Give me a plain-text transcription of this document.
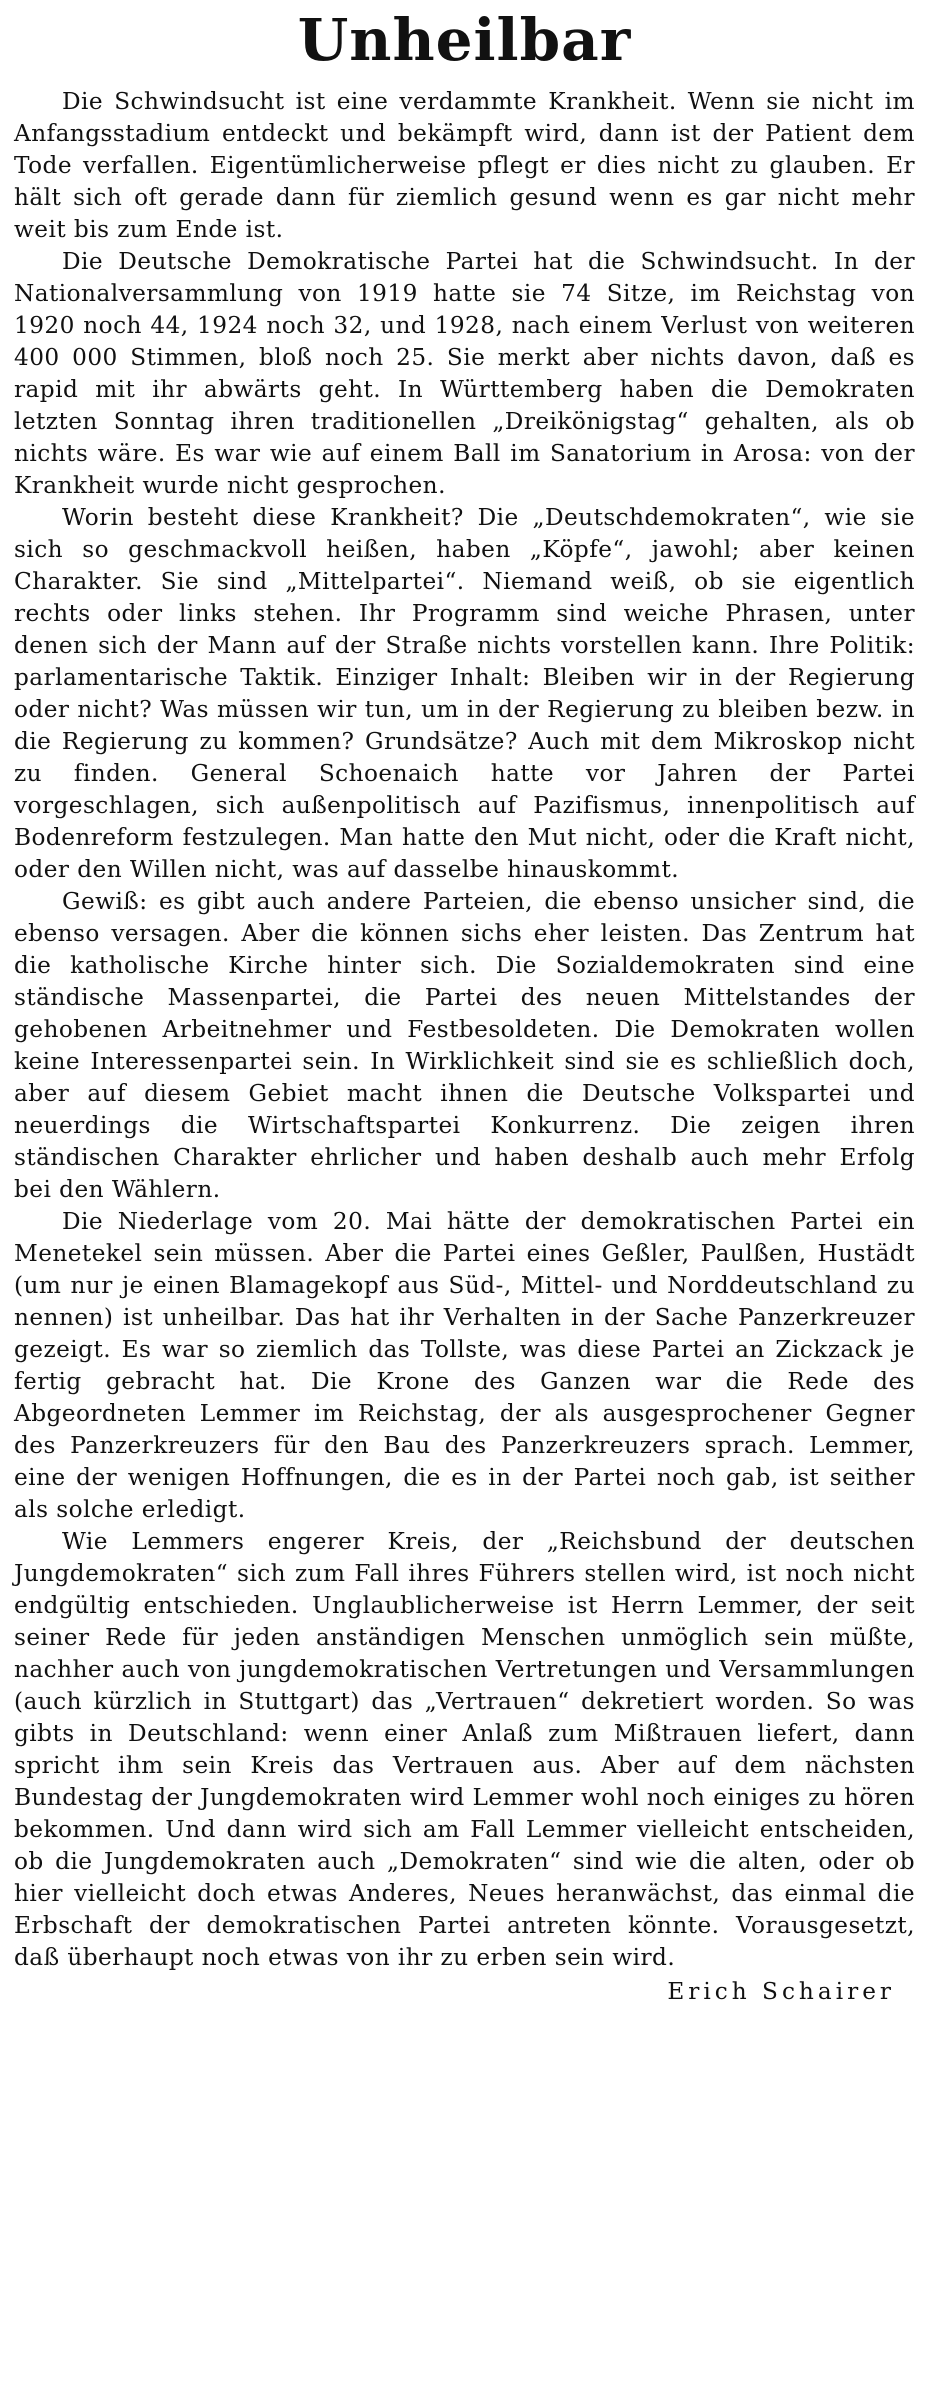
Unheilbar

Die Schwindsucht ist eine verdammte Krankheit. Wenn sie nicht im Anfangsstadium entdeckt und bekämpft wird, dann ist der Patient dem Tode verfallen. Eigentümlicherweise pflegt er dies nicht zu glauben. Er hält sich oft gerade dann für ziemlich gesund wenn es gar nicht mehr weit bis zum Ende ist.

Die Deutsche Demokratische Partei hat die Schwindsucht. In der Nationalversammlung von 1919 hatte sie 74 Sitze, im Reichstag von 1920 noch 44, 1924 noch 32, und 1928, nach einem Verlust von weiteren 400 000 Stimmen, bloß noch 25. Sie merkt aber nichts davon, daß es rapid mit ihr abwärts geht. In Württemberg haben die Demokraten letzten Sonntag ihren traditionellen „Dreikönigstag“ gehalten, als ob nichts wäre. Es war wie auf einem Ball im Sanatorium in Arosa: von der Krankheit wurde nicht gesprochen.

Worin besteht diese Krankheit? Die „Deutschdemokraten“, wie sie sich so geschmackvoll heißen, haben „Köpfe“, jawohl; aber keinen Charakter. Sie sind „Mittelpartei“. Niemand weiß, ob sie eigentlich rechts oder links stehen. Ihr Programm sind weiche Phrasen, unter denen sich der Mann auf der Straße nichts vorstellen kann. Ihre Politik: parlamentarische Taktik. Einziger Inhalt: Bleiben wir in der Regierung oder nicht? Was müssen wir tun, um in der Regierung zu bleiben bezw. in die Regierung zu kommen? Grundsätze? Auch mit dem Mikroskop nicht zu finden. General Schoenaich hatte vor Jahren der Partei vorgeschlagen, sich außenpolitisch auf Pazifismus, innenpolitisch auf Bodenreform festzulegen. Man hatte den Mut nicht, oder die Kraft nicht, oder den Willen nicht, was auf dasselbe hinauskommt.

Gewiß: es gibt auch andere Parteien, die ebenso unsicher sind, die ebenso versagen. Aber die können sichs eher leisten. Das Zentrum hat die katholische Kirche hinter sich. Die Sozialdemokraten sind eine ständische Massenpartei, die Partei des neuen Mittelstandes der gehobenen Arbeitnehmer und Festbesoldeten. Die Demokraten wollen keine Interessenpartei sein. In Wirklichkeit sind sie es schließlich doch, aber auf diesem Gebiet macht ihnen die Deutsche Volkspartei und neuerdings die Wirtschaftspartei Konkurrenz. Die zeigen ihren ständischen Charakter ehrlicher und haben deshalb auch mehr Erfolg bei den Wählern.

Die Niederlage vom 20. Mai hätte der demokratischen Partei ein Menetekel sein müssen. Aber die Partei eines Geßler, Paulßen, Hustädt (um nur je einen Blamagekopf aus Süd-, Mittel- und Norddeutschland zu nennen) ist unheilbar. Das hat ihr Verhalten in der Sache Panzerkreuzer gezeigt. Es war so ziemlich das Tollste, was diese Partei an Zickzack je fertig gebracht hat. Die Krone des Ganzen war die Rede des Abgeordneten Lemmer im Reichstag, der als ausgesprochener Gegner des Panzerkreuzers für den Bau des Panzerkreuzers sprach. Lemmer, eine der wenigen Hoffnungen, die es in der Partei noch gab, ist seither als solche erledigt.

Wie Lemmers engerer Kreis, der „Reichsbund der deutschen Jungdemokraten“ sich zum Fall ihres Führers stellen wird, ist noch nicht endgültig entschieden. Unglaublicherweise ist Herrn Lemmer, der seit seiner Rede für jeden anständigen Menschen unmöglich sein müßte, nachher auch von jungdemokratischen Vertretungen und Versammlungen (auch kürzlich in Stuttgart) das „Vertrauen“ dekretiert worden. So was gibts in Deutschland: wenn einer Anlaß zum Mißtrauen liefert, dann spricht ihm sein Kreis das Vertrauen aus. Aber auf dem nächsten Bundestag der Jungdemokraten wird Lemmer wohl noch einiges zu hören bekommen. Und dann wird sich am Fall Lemmer vielleicht entscheiden, ob die Jungdemokraten auch „Demokraten“ sind wie die alten, oder ob hier vielleicht doch etwas Anderes, Neues heranwächst, das einmal die Erbschaft der demokratischen Partei antreten könnte. Vorausgesetzt, daß überhaupt noch etwas von ihr zu erben sein wird.

Erich Schairer
